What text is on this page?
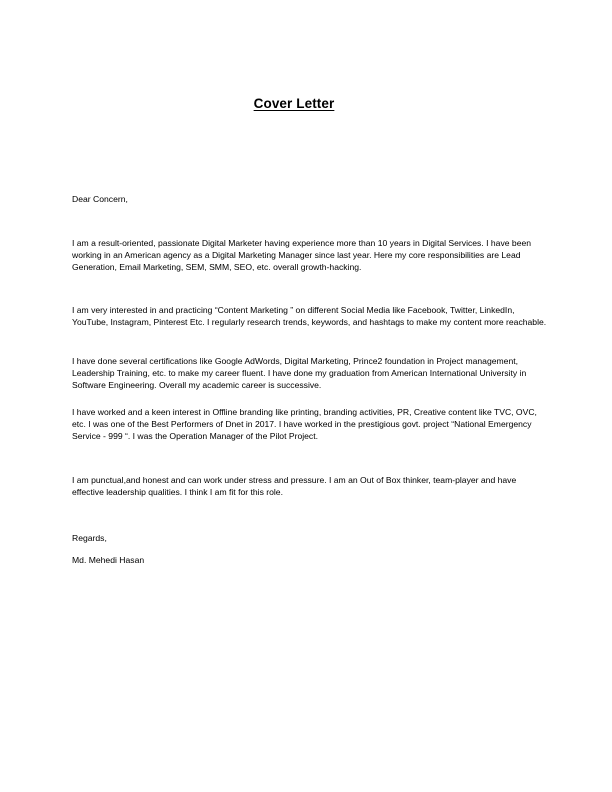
Cover Letter

Dear Concern,

I am a result-oriented, passionate Digital Marketer having experience more than 10 years in Digital Services. I have been working in an American agency as a Digital Marketing Manager since last year. Here my core responsibilities are Lead Generation, Email Marketing, SEM, SMM, SEO, etc. overall growth-hacking.

I am very interested in and practicing “Content Marketing ” on different Social Media like Facebook, Twitter, LinkedIn, YouTube, Instagram, Pinterest Etc. I regularly research trends, keywords, and hashtags to make my content more reachable.

I have done several certifications like Google AdWords, Digital Marketing, Prince2 foundation in Project management, Leadership Training, etc. to make my career fluent. I have done my graduation from American International University in Software Engineering. Overall my academic career is successive.

I have worked and a keen interest in Offline branding like printing, branding activities, PR, Creative content like TVC, OVC, etc. I was one of the Best Performers of Dnet in 2017. I have worked in the prestigious govt. project “National Emergency Service - 999 “. I was the Operation Manager of the Pilot Project.

I am punctual,and honest and can work under stress and pressure. I am an Out of Box thinker, team-player and have effective leadership qualities. I think I am fit for this role.

Regards,

Md. Mehedi Hasan
